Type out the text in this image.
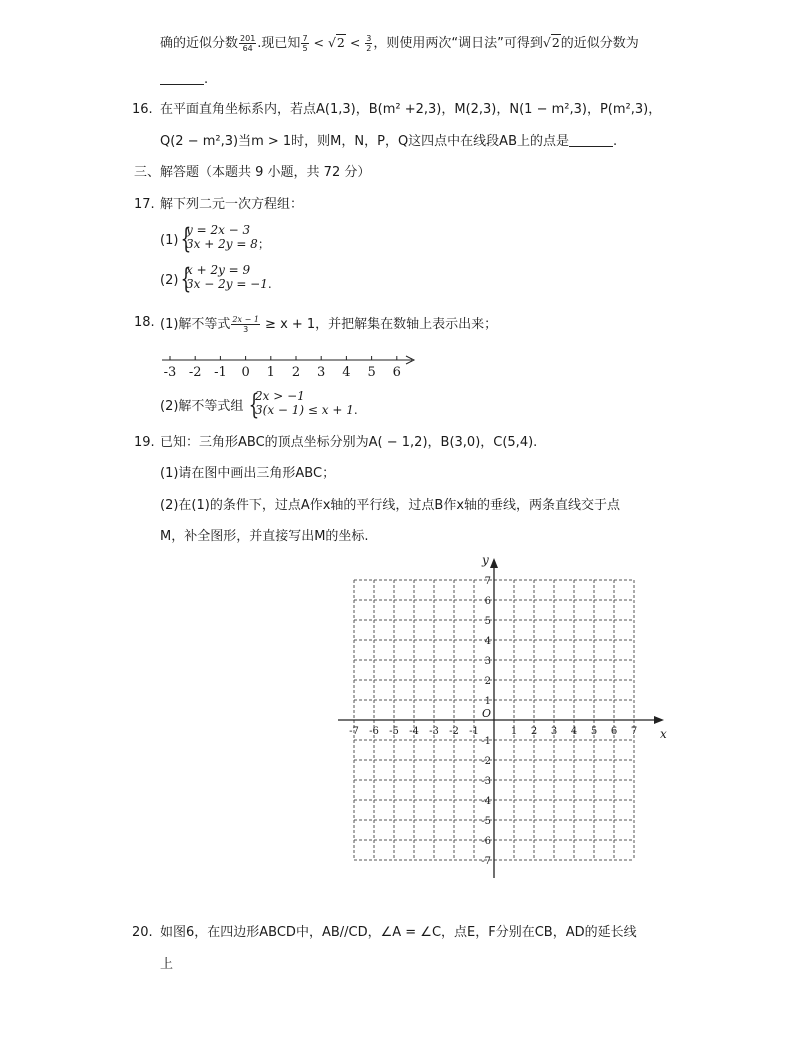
确的近似分数 $\frac{201}{64}$ .现已知 $\frac{7}{5} < √2 < \frac{3}{2}$ ，则使用两次“调日法”可得到√2的近似分数为
.
16. 在平面直角坐标系内，若点A(1,3)，B(m² +2,3)，M(2,3)，N(1 − m²,3)，P(m²,3)，
Q(2 − m²,3)当m > 1时，则M，N，P，Q这四点中在线段AB上的点是	.
三、解答题（本题共 9 小题，共 72 分）
17. 解下列二元一次方程组：
(1) {
y = 2x − 3
3x + 2y = 8；
(2) {
x + 2y = 9
3x − 2y = −1.
18. (1)解不等式 $\frac{2x - 1}{3} \ge x + 1$，并把解集在数轴上表示出来；
-3 -2 -1 0 1 2 3 4 5 6
(2)解不等式组 {
2x > −1
3(x − 1) ≤ x + 1.
19. 已知：三角形ABC的顶点坐标分别为A( − 1,2)，B(3,0)，C(5,4).
(1)请在图中画出三角形ABC；
(2)在(1)的条件下，过点A作x轴的平行线，过点B作x轴的垂线，两条直线交于点
M，补全图形，并直接写出M的坐标.
x
y
O
-7 -6 -5 -4 -3 -2 -1	1 2 3 4 5 6 7
7
6
5
4
3
2
1
-1
-2
-3
-4
-5
-6
-7
20. 如图6，在四边形ABCD中，AB//CD，∠A = ∠C，点E，F分别在CB，AD的延长线
上
